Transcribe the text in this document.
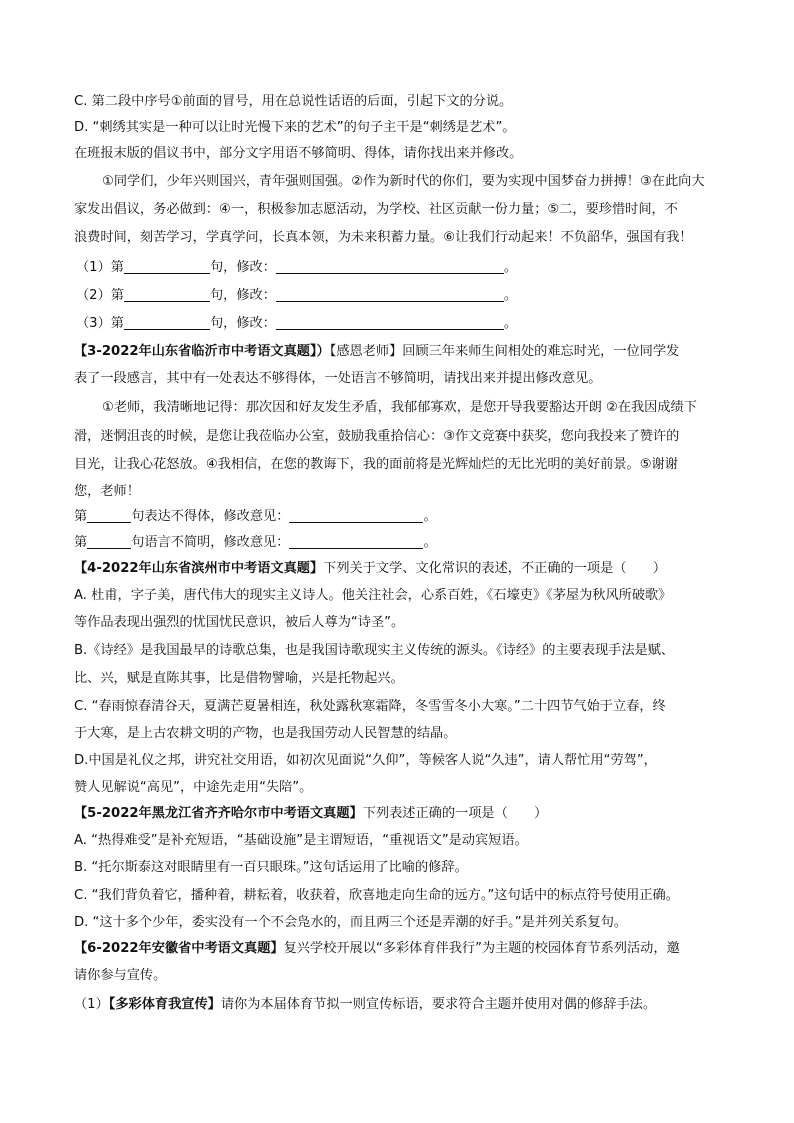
C. 第二段中序号①前面的冒号，用在总说性话语的后面，引起下文的分说。
D. “刺绣其实是一种可以让时光慢下来的艺术”的句子主干是“刺绣是艺术”。
在班报末版的倡议书中，部分文字用语不够简明、得体，请你找出来并修改。
①同学们，少年兴则国兴，青年强则国强。②作为新时代的你们，要为实现中国梦奋力拼搏！③在此向大
家发出倡议，务必做到：④一，积极参加志愿活动，为学校、社区贡献一份力量；⑤二，要珍惜时间，不
浪费时间，刻苦学习，学真学问，长真本领，为未来积蓄力量。⑥让我们行动起来！不负韶华，强国有我！
（1）第	句，修改：	。
（2）第	句，修改：	。
（3）第	句，修改：	。
【3-2022年山东省临沂市中考语文真题】）【感恩老师】回顾三年来师生间相处的难忘时光，一位同学发
表了一段感言，其中有一处表达不够得体，一处语言不够简明，请找出来并提出修改意见。
①老师，我清晰地记得：那次因和好友发生矛盾，我郁郁寡欢，是您开导我要豁达开朗 ②在我因成绩下
滑，迷惘沮丧的时候，是您让我莅临办公室，鼓励我重拾信心：③作文竞赛中获奖，您向我投来了赞许的
目光，让我心花怒放。④我相信，在您的教诲下，我的面前将是光辉灿烂的无比光明的美好前景。⑤谢谢
您，老师！
第	句表达不得体，修改意见：	。
第	句语言不简明，修改意见：	。
【4-2022年山东省滨州市中考语文真题】下列关于文学、文化常识的表述，不正确的一项是（　　）
A. 杜甫，字子美，唐代伟大的现实主义诗人。他关注社会，心系百姓，《石壕吏》《茅屋为秋风所破歌》
等作品表现出强烈的忧国忧民意识，被后人尊为“诗圣”。
B.《诗经》是我国最早的诗歌总集，也是我国诗歌现实主义传统的源头。《诗经》的主要表现手法是赋、
比、兴，赋是直陈其事，比是借物譬喻，兴是托物起兴。
C. “春雨惊春清谷天，夏满芒夏暑相连，秋处露秋寒霜降，冬雪雪冬小大寒。”二十四节气始于立春，终
于大寒，是上古农耕文明的产物，也是我国劳动人民智慧的结晶。
D.中国是礼仪之邦，讲究社交用语，如初次见面说“久仰”，等候客人说“久违”，请人帮忙用“劳驾”，
赞人见解说“高见”，中途先走用“失陪”。
【5-2022年黑龙江省齐齐哈尔市中考语文真题】下列表述正确的一项是（　　）
A. “热得难受”是补充短语，“基础设施”是主谓短语，“重视语文”是动宾短语。
B. “托尔斯泰这对眼睛里有一百只眼珠。”这句话运用了比喻的修辞。
C. “我们背负着它，播种着，耕耘着，收获着，欣喜地走向生命的远方。”这句话中的标点符号使用正确。
D. “这十多个少年，委实没有一个不会凫水的，而且两三个还是弄潮的好手。”是并列关系复句。
【6-2022年安徽省中考语文真题】复兴学校开展以“多彩体育伴我行”为主题的校园体育节系列活动，邀
请你参与宣传。
（1）【多彩体育我宣传】请你为本届体育节拟一则宣传标语，要求符合主题并使用对偶的修辞手法。
